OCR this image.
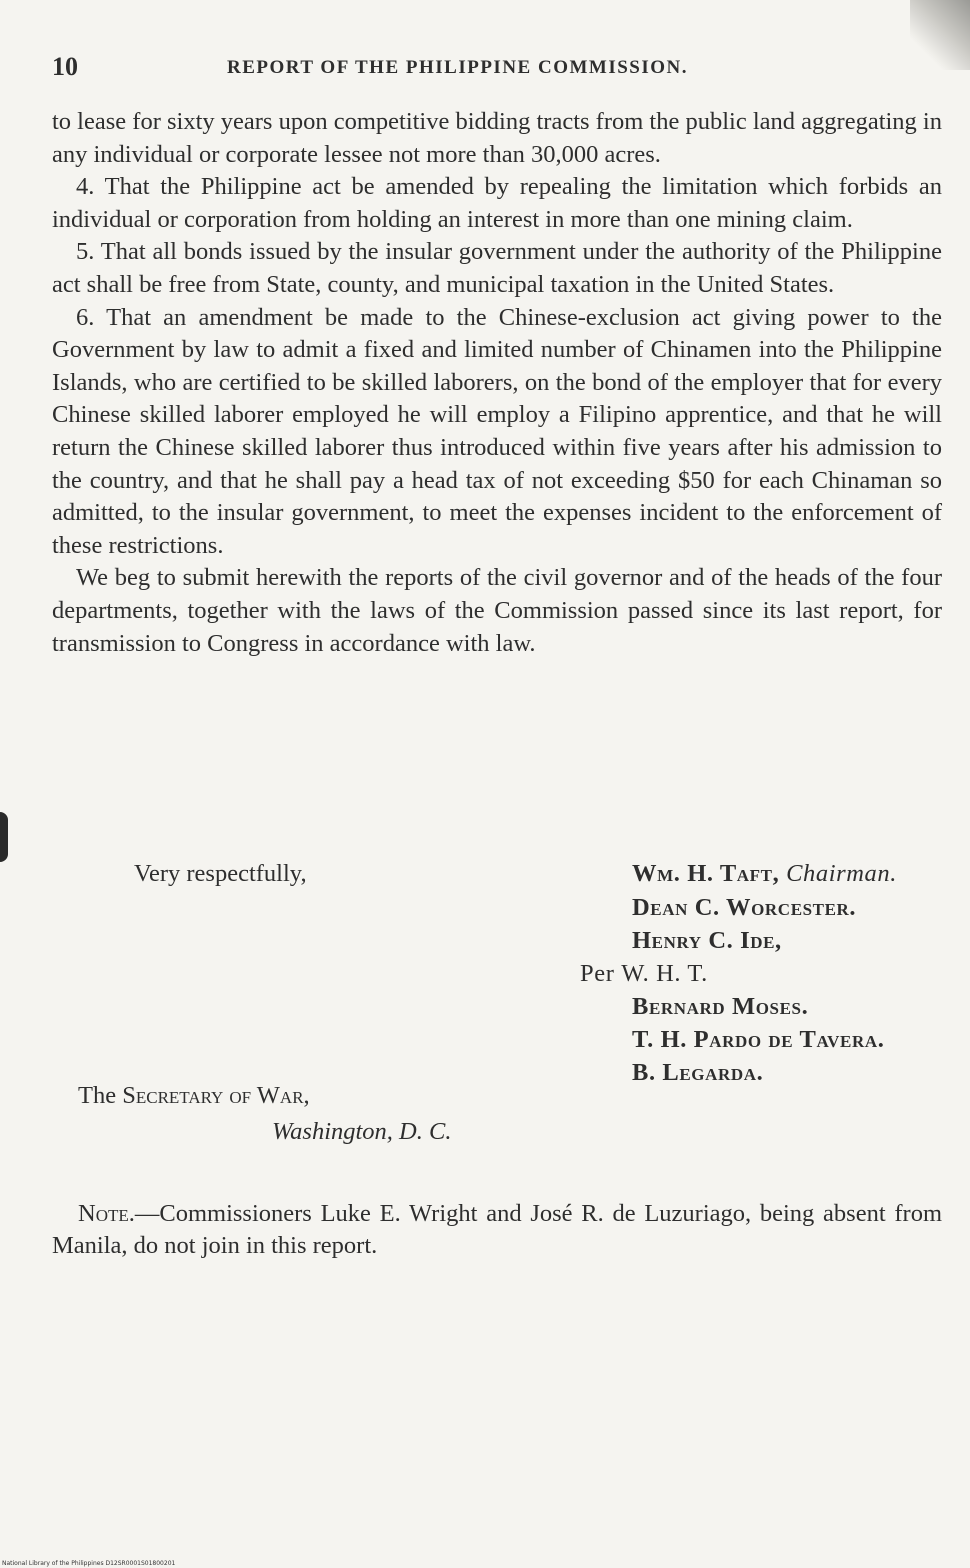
10	REPORT OF THE PHILIPPINE COMMISSION.

to lease for sixty years upon competitive bidding tracts from the public land aggregating in any individual or corporate lessee not more than 30,000 acres.

4. That the Philippine act be amended by repealing the limitation which forbids an individual or corporation from holding an interest in more than one mining claim.

5. That all bonds issued by the insular government under the authority of the Philippine act shall be free from State, county, and municipal taxation in the United States.

6. That an amendment be made to the Chinese-exclusion act giving power to the Government by law to admit a fixed and limited number of Chinamen into the Philippine Islands, who are certified to be skilled laborers, on the bond of the employer that for every Chinese skilled laborer employed he will employ a Filipino apprentice, and that he will return the Chinese skilled laborer thus introduced within five years after his admission to the country, and that he shall pay a head tax of not exceeding $50 for each Chinaman so admitted, to the insular government, to meet the expenses incident to the enforcement of these restrictions.

We beg to submit herewith the reports of the civil governor and of the heads of the four departments, together with the laws of the Commission passed since its last report, for transmission to Congress in accordance with law.

Very respectfully,	Wm. H. Taft, Chairman.
Dean C. Worcester.
Henry C. Ide,
Per W. H. T.
Bernard Moses.
T. H. Pardo de Tavera.
B. Legarda.
The Secretary of War,
Washington, D. C.

Note.—Commissioners Luke E. Wright and José R. de Luzuriago, being absent from Manila, do not join in this report.

National Library of the Philippines D12SR0001S01800201
